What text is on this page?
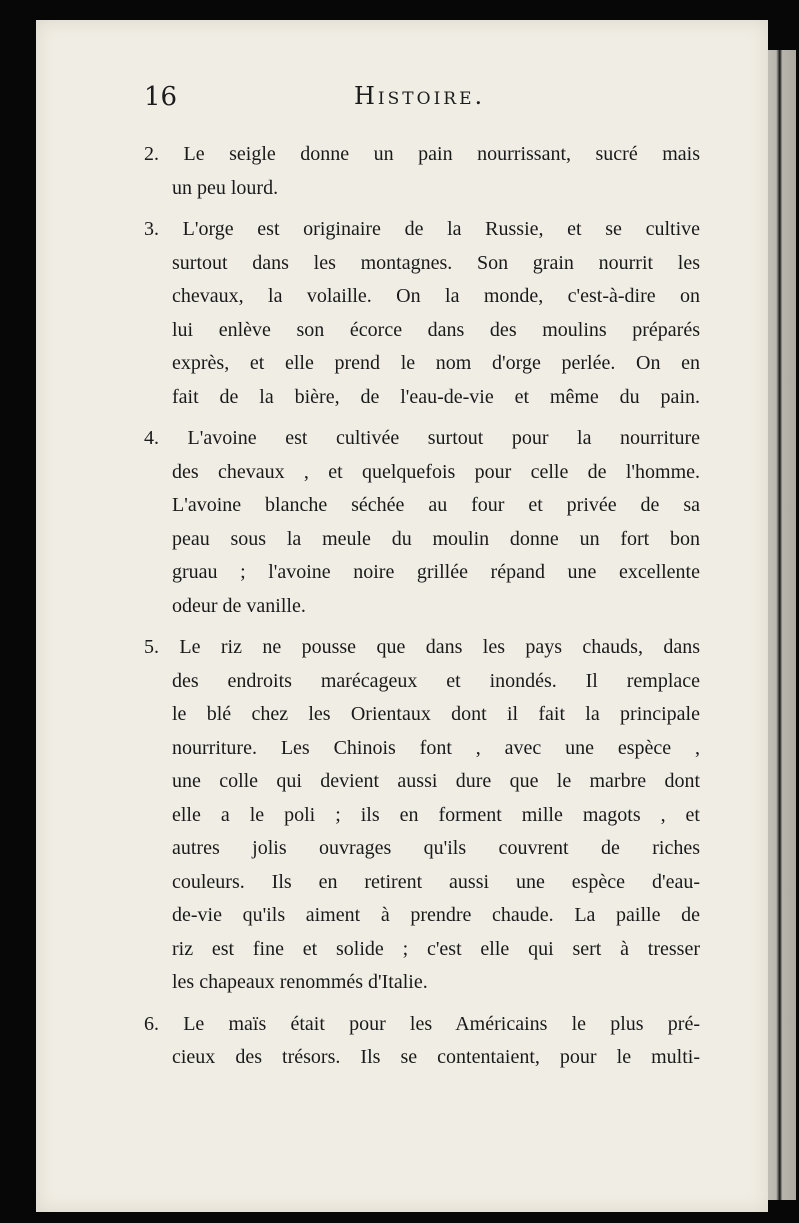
16	Histoire.
2. Le seigle donne un pain nourrissant, sucré mais
un peu lourd.
3. L'orge est originaire de la Russie, et se cultive
surtout dans les montagnes. Son grain nourrit les
chevaux, la volaille. On la monde, c'est-à-dire on
lui enlève son écorce dans des moulins préparés
exprès, et elle prend le nom d'orge perlée. On en
fait de la bière, de l'eau-de-vie et même du pain.
4. L'avoine est cultivée surtout pour la nourriture
des chevaux , et quelquefois pour celle de l'homme.
L'avoine blanche séchée au four et privée de sa
peau sous la meule du moulin donne un fort bon
gruau ; l'avoine noire grillée répand une excellente
odeur de vanille.
5. Le riz ne pousse que dans les pays chauds, dans
des endroits marécageux et inondés. Il remplace
le blé chez les Orientaux dont il fait la principale
nourriture. Les Chinois font , avec une espèce ,
une colle qui devient aussi dure que le marbre dont
elle a le poli ; ils en forment mille magots , et
autres jolis ouvrages qu'ils couvrent de riches
couleurs. Ils en retirent aussi une espèce d'eau-
de-vie qu'ils aiment à prendre chaude. La paille de
riz est fine et solide ; c'est elle qui sert à tresser
les chapeaux renommés d'Italie.
6. Le maïs était pour les Américains le plus pré-
cieux des trésors. Ils se contentaient, pour le multi-
